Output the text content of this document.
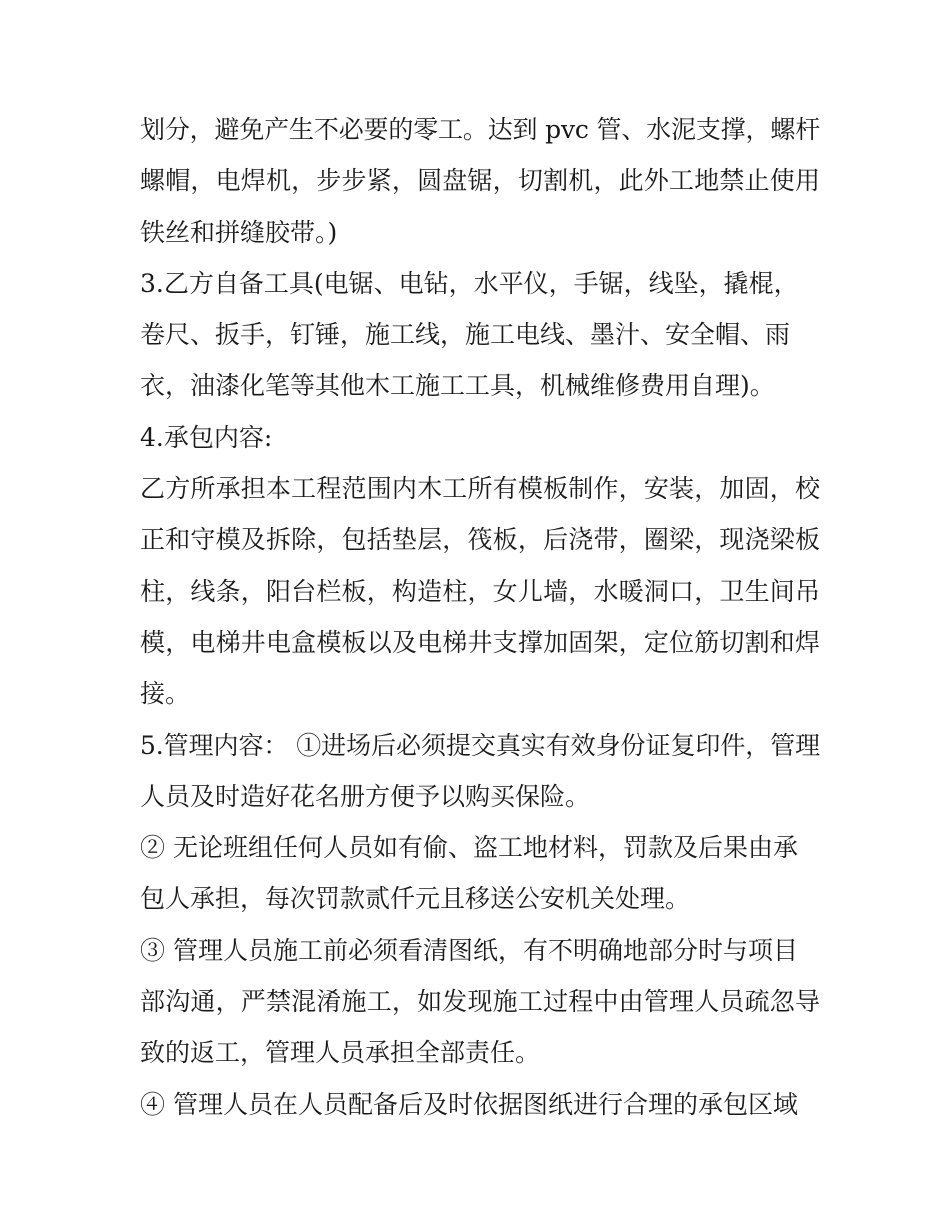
划分，避免产生不必要的零工。达到 pvc 管、水泥支撑，螺杆
螺帽，电焊机，步步紧，圆盘锯，切割机，此外工地禁止使用
铁丝和拼缝胶带。)
3.乙方自备工具(电锯、电钻，水平仪，手锯，线坠，撬棍，
卷尺、扳手，钉锤，施工线，施工电线、墨汁、安全帽、雨
衣，油漆化笔等其他木工施工工具，机械维修费用自理)。
4.承包内容:
乙方所承担本工程范围内木工所有模板制作，安装，加固，校
正和守模及拆除，包括垫层，筏板，后浇带，圈梁，现浇梁板
柱，线条，阳台栏板，构造柱，女儿墙，水暖洞口，卫生间吊
模，电梯井电盒模板以及电梯井支撑加固架，定位筋切割和焊
接。
5.管理内容： ①进场后必须提交真实有效身份证复印件，管理
人员及时造好花名册方便予以购买保险。
② 无论班组任何人员如有偷、盗工地材料，罚款及后果由承
包人承担，每次罚款贰仟元且移送公安机关处理。
③ 管理人员施工前必须看清图纸，有不明确地部分时与项目
部沟通，严禁混淆施工，如发现施工过程中由管理人员疏忽导
致的返工，管理人员承担全部责任。
④ 管理人员在人员配备后及时依据图纸进行合理的承包区域
